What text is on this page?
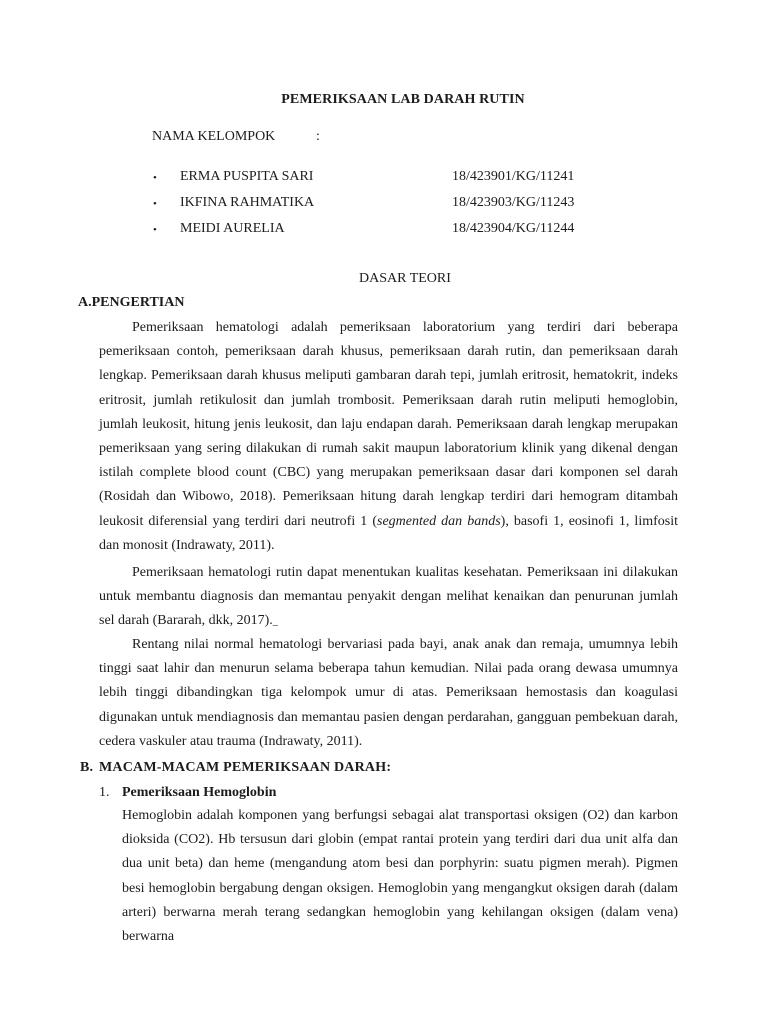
PEMERIKSAAN LAB DARAH RUTIN
NAMA KELOMPOK	:
• ERMA PUSPITA SARI	18/423901/KG/11241
• IKFINA RAHMATIKA	18/423903/KG/11243
• MEIDI AURELIA	18/423904/KG/11244
DASAR TEORI
A.PENGERTIAN

Pemeriksaan hematologi adalah pemeriksaan laboratorium yang terdiri dari beberapa pemeriksaan contoh, pemeriksaan darah khusus, pemeriksaan darah rutin, dan pemeriksaan darah lengkap. Pemeriksaan darah khusus meliputi gambaran darah tepi, jumlah eritrosit, hematokrit, indeks eritrosit, jumlah retikulosit dan jumlah trombosit. Pemeriksaan darah rutin meliputi hemoglobin, jumlah leukosit, hitung jenis leukosit, dan laju endapan darah. Pemeriksaan darah lengkap merupakan pemeriksaan yang sering dilakukan di rumah sakit maupun laboratorium klinik yang dikenal dengan istilah complete blood count (CBC) yang merupakan pemeriksaan dasar dari komponen sel darah (Rosidah dan Wibowo, 2018). Pemeriksaan hitung darah lengkap terdiri dari hemogram ditambah leukosit diferensial yang terdiri dari neutrofi 1 (segmented dan bands), basofi 1, eosinofi 1, limfosit dan monosit (Indrawaty, 2011).

Pemeriksaan hematologi rutin dapat menentukan kualitas kesehatan. Pemeriksaan ini dilakukan untuk membantu diagnosis dan memantau penyakit dengan melihat kenaikan dan penurunan jumlah sel darah (Bararah, dkk, 2017)._

Rentang nilai normal hematologi bervariasi pada bayi, anak anak dan remaja, umumnya lebih tinggi saat lahir dan menurun selama beberapa tahun kemudian. Nilai pada orang dewasa umumnya lebih tinggi dibandingkan tiga kelompok umur di atas. Pemeriksaan hemostasis dan koagulasi digunakan untuk mendiagnosis dan memantau pasien dengan perdarahan, gangguan pembekuan darah, cedera vaskuler atau trauma (Indrawaty, 2011).

B. MACAM-MACAM PEMERIKSAAN DARAH:
1. Pemeriksaan Hemoglobin

Hemoglobin adalah komponen yang berfungsi sebagai alat transportasi oksigen (O2) dan karbon dioksida (CO2). Hb tersusun dari globin (empat rantai protein yang terdiri dari dua unit alfa dan dua unit beta) dan heme (mengandung atom besi dan porphyrin: suatu pigmen merah). Pigmen besi hemoglobin bergabung dengan oksigen. Hemoglobin yang mengangkut oksigen darah (dalam arteri) berwarna merah terang sedangkan hemoglobin yang kehilangan oksigen (dalam vena) berwarna
